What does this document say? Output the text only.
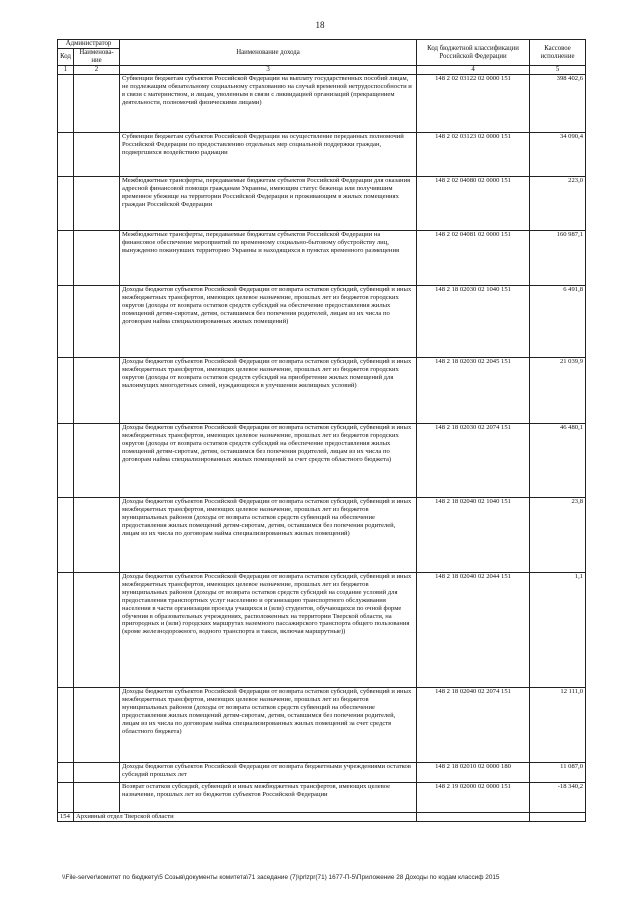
18
Администратор		Наименование дохода	Код бюджетной классификации Российской Федерации	Кассовое исполнение
Код	Наименова-ние			
1	2	3	4	5
		Субвенции бюджетам субъектов Российской Федерации на выплату государственных пособий лицам, не подлежащим обязательному социальному страхованию на случай временной нетрудоспособности и в связи с материнством, и лицам, уволенным в связи с ликвидацией организаций (прекращением деятельности, полномочий физическими лицами)	148 2 02 03122 02 0000 151	398 402,6
		Субвенции бюджетам субъектов Российской Федерации на осуществление переданных полномочий Российской Федерации по предоставлению отдельных мер социальной поддержки граждан, подвергшихся воздействию радиации	148 2 02 03123 02 0000 151	34 090,4
		Межбюджетные трансферты, передаваемые бюджетам субъектов Российской Федерации для оказания адресной финансовой помощи гражданам Украины, имеющим статус беженца или получившим временное убежище на территории Российской Федерации и проживающим в жилых помещениях граждан Российской Федерации	148 2 02 04080 02 0000 151	223,0
		Межбюджетные трансферты, передаваемые бюджетам субъектов Российской Федерации на финансовое обеспечение мероприятий по временному социально-бытовому обустройству лиц, вынужденно покинувших территорию Украины и находящихся в пунктах временного размещения	148 2 02 04081 02 0000 151	160 987,1
		Доходы бюджетов субъектов Российской Федерации от возврата остатков субсидий, субвенций и иных межбюджетных трансфертов, имеющих целевое назначение, прошлых лет из бюджетов городских округов (доходы от возврата остатков средств субсидий на обеспечение предоставления жилых помещений детям-сиротам, детям, оставшимся без попечения родителей, лицам из их числа по договорам найма специализированных жилых помещений)	148 2 18 02030 02 1040 151	6 491,8
		Доходы бюджетов субъектов Российской Федерации от возврата остатков субсидий, субвенций и иных межбюджетных трансфертов, имеющих целевое назначение, прошлых лет из бюджетов городских округов (доходы от возврата остатков средств субсидий на приобретение жилых помещений для малоимущих многодетных семей, нуждающихся в улучшении жилищных условий)	148 2 18 02030 02 2045 151	21 039,9
		Доходы бюджетов субъектов Российской Федерации от возврата остатков субсидий, субвенций и иных межбюджетных трансфертов, имеющих целевое назначение, прошлых лет из бюджетов городских округов (доходы от возврата остатков средств субсидий на обеспечение предоставления жилых помещений детям-сиротам, детям, оставшимся без попечения родителей, лицам из их числа по договорам найма специализированных жилых помещений за счет средств областного бюджета)	148 2 18 02030 02 2074 151	46 480,1
		Доходы бюджетов субъектов Российской Федерации от возврата остатков субсидий, субвенций и иных межбюджетных трансфертов, имеющих целевое назначение, прошлых лет из бюджетов муниципальных районов (доходы от возврата остатков средств субвенций на обеспечение предоставления жилых помещений детям-сиротам, детям, оставшимся без попечения родителей, лицам из их числа по договорам найма специализированных жилых помещений)	148 2 18 02040 02 1040 151	23,8
		Доходы бюджетов субъектов Российской Федерации от возврата остатков субсидий, субвенций и иных межбюджетных трансфертов, имеющих целевое назначение, прошлых лет из бюджетов муниципальных районов (доходы от возврата остатков средств субсидий на создание условий для предоставления транспортных услуг населению и организацию транспортного обслуживания населения в части организации проезда учащихся и (или) студентов, обучающихся по очной форме обучения в образовательных учреждениях, расположенных на территории Тверской области, на пригородных и (или) городских маршрутах наземного пассажирского транспорта общего пользования (кроме железнодорожного, водного транспорта и такси, включая маршрутные))	148 2 18 02040 02 2044 151	1,1
		Доходы бюджетов субъектов Российской Федерации от возврата остатков субсидий, субвенций и иных межбюджетных трансфертов, имеющих целевое назначение, прошлых лет из бюджетов муниципальных районов (доходы от возврата остатков средств субвенций на обеспечение предоставления жилых помещений детям-сиротам, детям, оставшимся без попечения родителей, лицам из их числа по договорам найма специализированных жилых помещений за счет средств областного бюджета)	148 2 18 02040 02 2074 151	12 111,0
		Доходы бюджетов субъектов Российской Федерации от возврата бюджетными учреждениями остатков субсидий прошлых лет	148 2 18 02010 02 0000 180	11 087,0
		Возврат остатков субсидий, субвенций и иных межбюджетных трансфертов, имеющих целевое назначение, прошлых лет из бюджетов субъектов Российской Федерации	148 2 19 02000 02 0000 151	-18 340,2
154	Архивный отдел Тверской области			
\\File-server\комитет по бюджету\5 Созыв\документы комитета\71 заседание (7)\prlzpr(71) 1677-П-5\Приложение 28 Доходы по кодам классиф 2015
